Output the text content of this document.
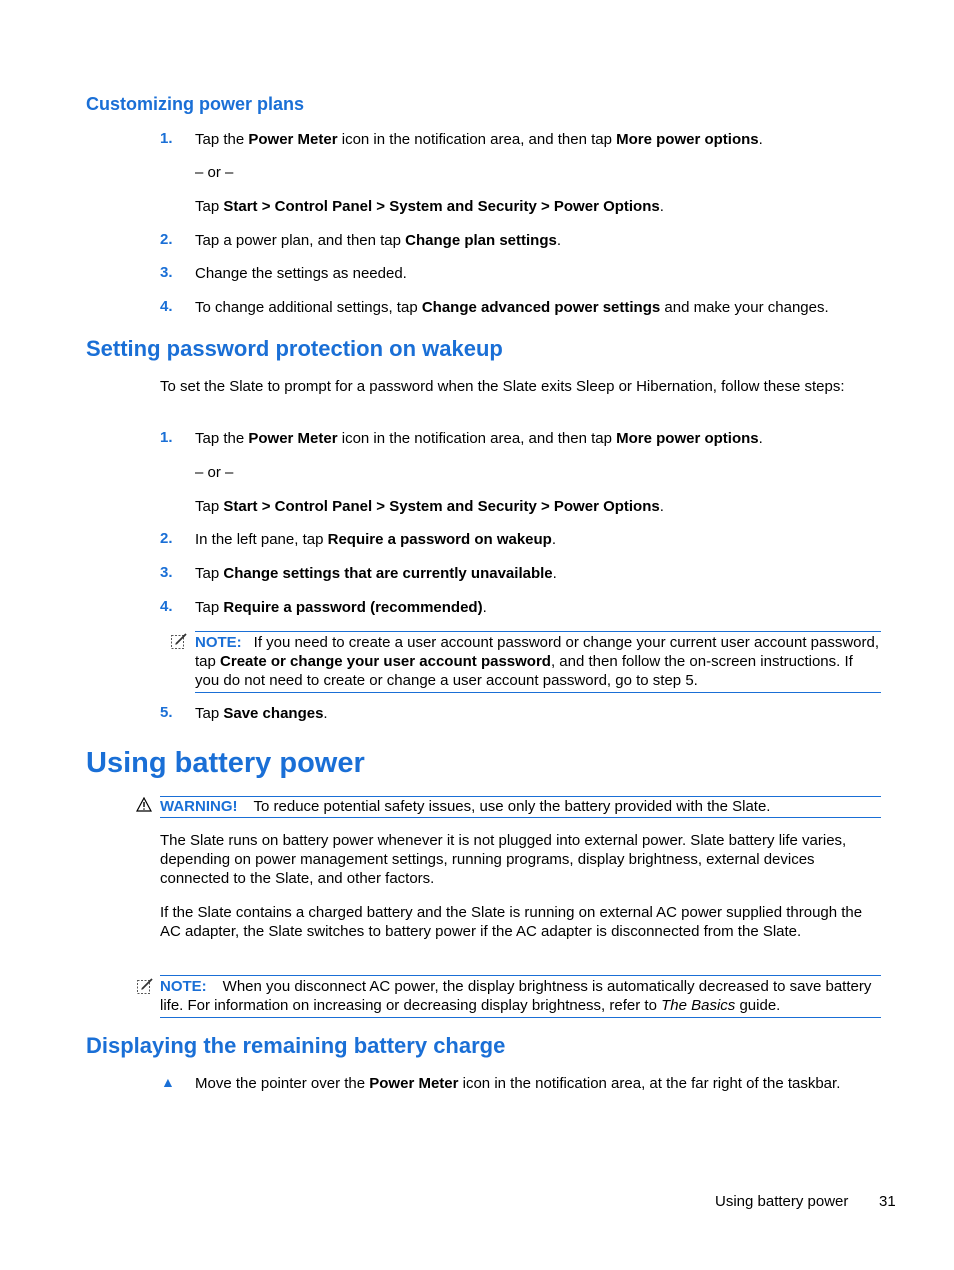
Customizing power plans
1.	Tap the Power Meter icon in the notification area, and then tap More power options.
– or –
Tap Start > Control Panel > System and Security > Power Options.
2.	Tap a power plan, and then tap Change plan settings.
3.	Change the settings as needed.
4.	To change additional settings, tap Change advanced power settings and make your changes.
Setting password protection on wakeup
To set the Slate to prompt for a password when the Slate exits Sleep or Hibernation, follow these steps:
1.	Tap the Power Meter icon in the notification area, and then tap More power options.
– or –
Tap Start > Control Panel > System and Security > Power Options.
2.	In the left pane, tap Require a password on wakeup.
3.	Tap Change settings that are currently unavailable.
4.	Tap Require a password (recommended).
NOTE: If you need to create a user account password or change your current user account password, tap Create or change your user account password, and then follow the on-screen instructions. If you do not need to create or change a user account password, go to step 5.
5.	Tap Save changes.
Using battery power
WARNING! To reduce potential safety issues, use only the battery provided with the Slate.
The Slate runs on battery power whenever it is not plugged into external power. Slate battery life varies, depending on power management settings, running programs, display brightness, external devices connected to the Slate, and other factors.
If the Slate contains a charged battery and the Slate is running on external AC power supplied through the AC adapter, the Slate switches to battery power if the AC adapter is disconnected from the Slate.
NOTE: When you disconnect AC power, the display brightness is automatically decreased to save battery life. For information on increasing or decreasing display brightness, refer to The Basics guide.
Displaying the remaining battery charge
▲ Move the pointer over the Power Meter icon in the notification area, at the far right of the taskbar.
Using battery power 31
